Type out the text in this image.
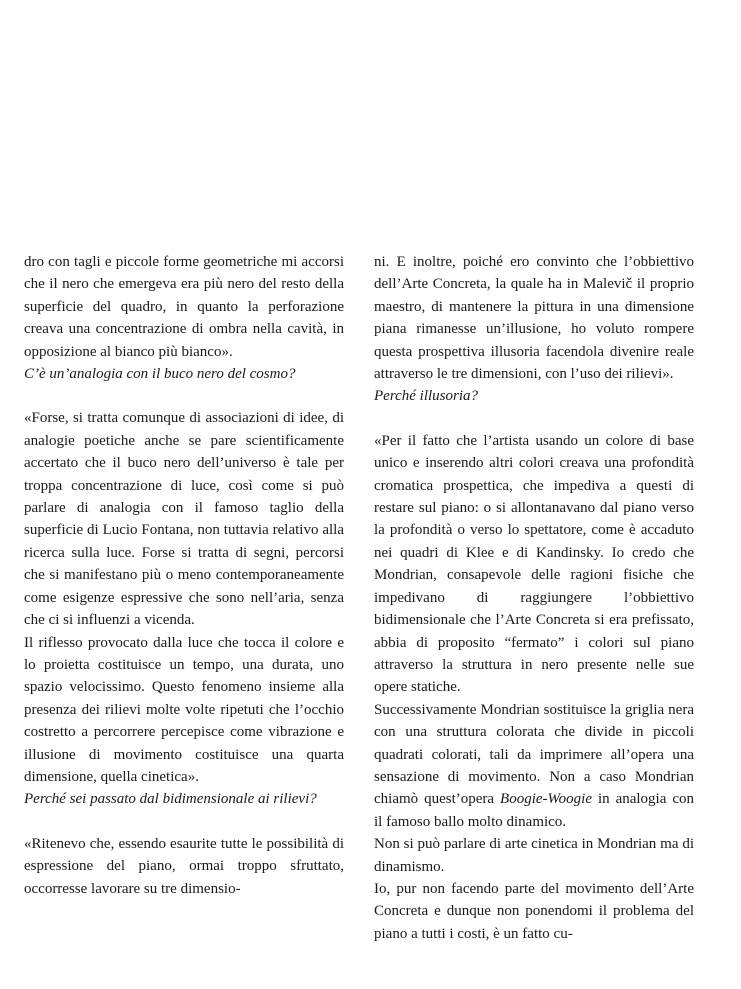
dro con tagli e piccole forme geometriche mi accorsi che il nero che emergeva era più nero del resto della superficie del quadro, in quanto la perforazione creava una concentrazione di ombra nella cavità, in opposizione al bianco più bianco».

C’è un’analogia con il buco nero del cosmo?

«Forse, si tratta comunque di associazioni di idee, di analogie poetiche anche se pare scientificamente accertato che il buco nero dell’universo è tale per troppa concentrazione di luce, così come si può parlare di analogia con il famoso taglio della superficie di Lucio Fontana, non tuttavia relativo alla ricerca sulla luce. Forse si tratta di segni, percorsi che si manifestano più o meno contemporaneamente come esigenze espressive che sono nell’aria, senza che ci si influenzi a vicenda.

Il riflesso provocato dalla luce che tocca il colore e lo proietta costituisce un tempo, una durata, uno spazio velocissimo. Questo fenomeno insieme alla presenza dei rilievi molte volte ripetuti che l’occhio costretto a percorrere percepisce come vibrazione e illusione di movimento costituisce una quarta dimensione, quella cinetica».

Perché sei passato dal bidimensionale ai rilievi?

«Ritenevo che, essendo esaurite tutte le possibilità di espressione del piano, ormai troppo sfruttato, occorresse lavorare su tre dimensio-

ni. E inoltre, poiché ero convinto che l’obbiettivo dell’Arte Concreta, la quale ha in Malevič il proprio maestro, di mantenere la pittura in una dimensione piana rimanesse un’illusione, ho voluto rompere questa prospettiva illusoria facendola divenire reale attraverso le tre dimensioni, con l’uso dei rilievi».

Perché illusoria?

«Per il fatto che l’artista usando un colore di base unico e inserendo altri colori creava una profondità cromatica prospettica, che impediva a questi di restare sul piano: o si allontanavano dal piano verso la profondità o verso lo spettatore, come è accaduto nei quadri di Klee e di Kandinsky. Io credo che Mondrian, consapevole delle ragioni fisiche che impedivano di raggiungere l’obbiettivo bidimensionale che l’Arte Concreta si era prefissato, abbia di proposito “fermato” i colori sul piano attraverso la struttura in nero presente nelle sue opere statiche.

Successivamente Mondrian sostituisce la griglia nera con una struttura colorata che divide in piccoli quadrati colorati, tali da imprimere all’opera una sensazione di movimento. Non a caso Mondrian chiamò quest’opera Boogie-Woogie in analogia con il famoso ballo molto dinamico.

Non si può parlare di arte cinetica in Mondrian ma di dinamismo.

Io, pur non facendo parte del movimento dell’Arte Concreta e dunque non ponendomi il problema del piano a tutti i costi, è un fatto cu-
